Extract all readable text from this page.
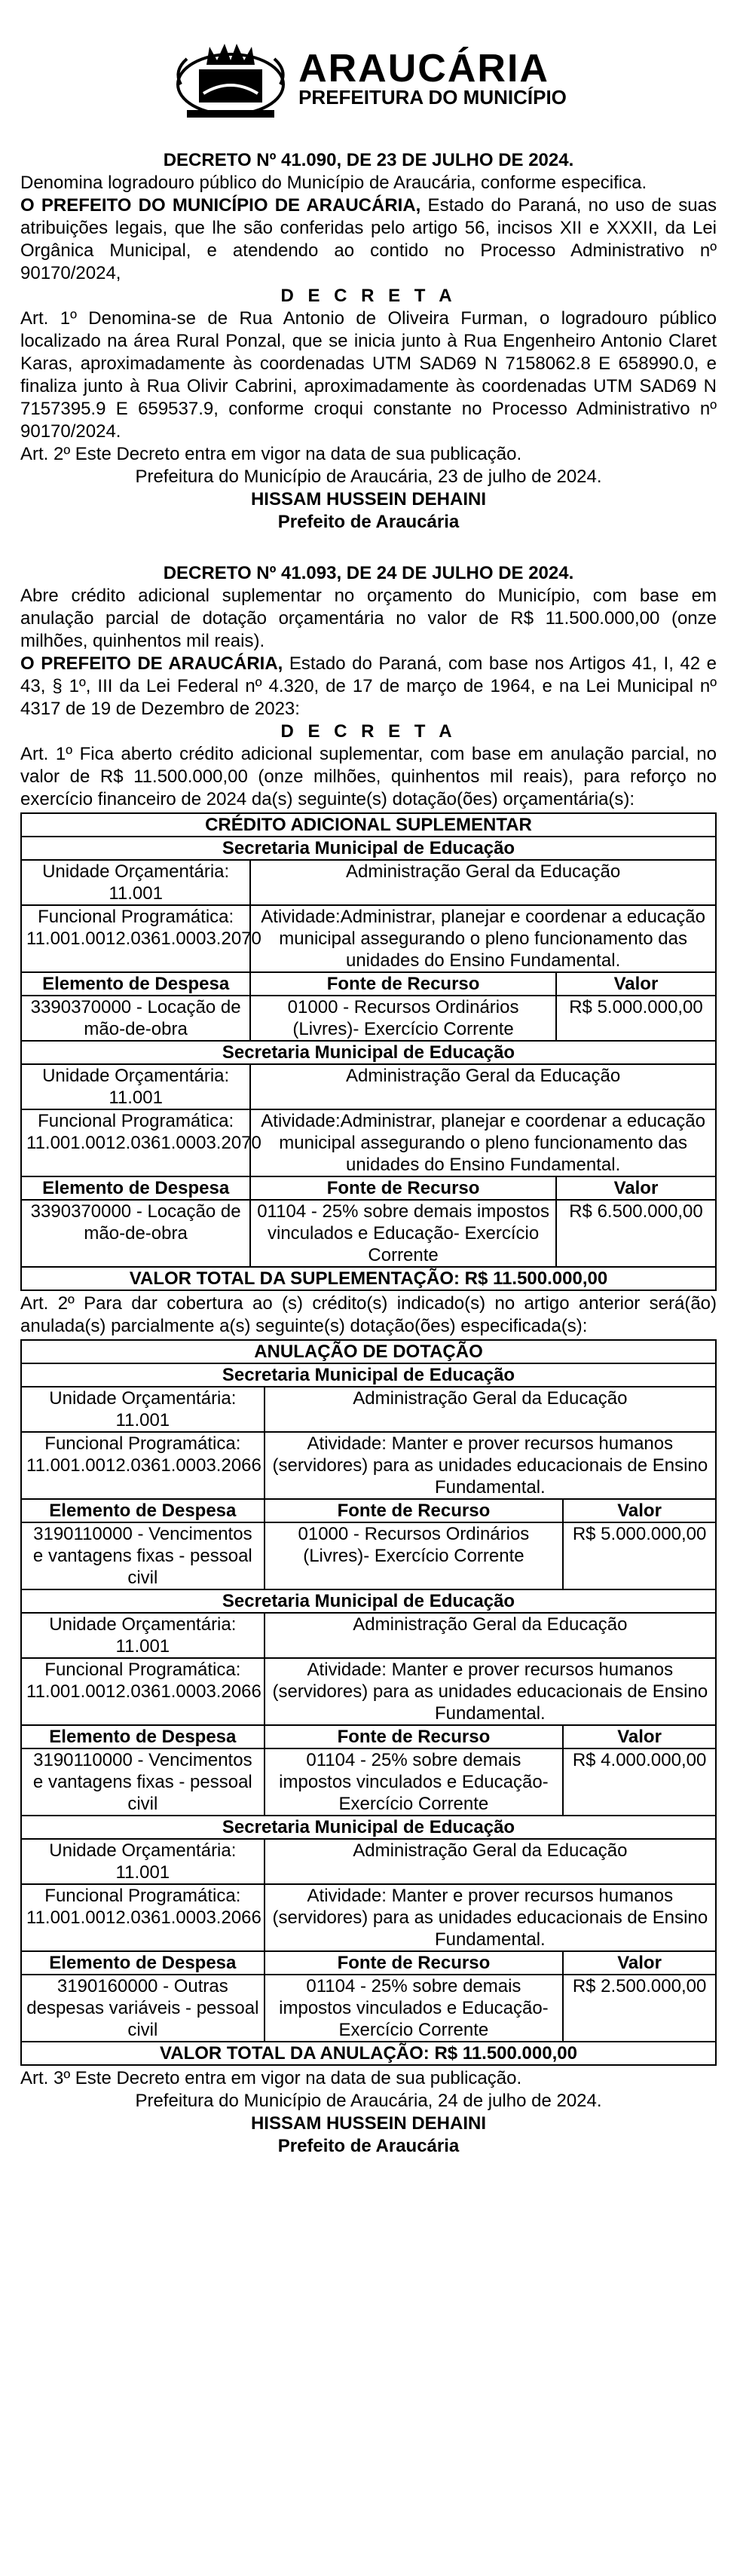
ARAUCÁRIA
PREFEITURA DO MUNICÍPIO
DECRETO Nº 41.090, DE 23 DE JULHO DE 2024.

Denomina logradouro público do Município de Araucária, conforme especifica.

O PREFEITO DO MUNICÍPIO DE ARAUCÁRIA, Estado do Paraná, no uso de suas atribuições legais, que lhe são conferidas pelo artigo 56, incisos XII e XXXII, da Lei Orgânica Municipal, e atendendo ao contido no Processo Administrativo nº 90170/2024,

D E C R E T A

Art. 1º Denomina-se de Rua Antonio de Oliveira Furman, o logradouro público localizado na área Rural Ponzal, que se inicia junto à Rua Engenheiro Antonio Claret Karas, aproximadamente às coordenadas UTM SAD69 N 7158062.8 E 658990.0, e finaliza junto à Rua Olivir Cabrini, aproximadamente às coordenadas UTM SAD69 N 7157395.9 E 659537.9, conforme croqui constante no Processo Administrativo nº 90170/2024.

Art. 2º Este Decreto entra em vigor na data de sua publicação.

Prefeitura do Município de Araucária, 23 de julho de 2024.

HISSAM HUSSEIN DEHAINI

Prefeito de Araucária

DECRETO Nº 41.093, DE 24 DE JULHO DE 2024.

Abre crédito adicional suplementar no orçamento do Município, com base em anulação parcial de dotação orçamentária no valor de R$ 11.500.000,00 (onze milhões, quinhentos mil reais).

O PREFEITO DE ARAUCÁRIA, Estado do Paraná, com base nos Artigos 41, I, 42 e 43, § 1º, III da Lei Federal nº 4.320, de 17 de março de 1964, e na Lei Municipal nº 4317 de 19 de Dezembro de 2023:

D E C R E T A

Art. 1º Fica aberto crédito adicional suplementar, com base em anulação parcial, no valor de R$ 11.500.000,00 (onze milhões, quinhentos mil reais), para reforço no exercício financeiro de 2024 da(s) seguinte(s) dotação(ões) orçamentária(s):

CRÉDITO ADICIONAL SUPLEMENTAR		
Secretaria Municipal de Educação		
Unidade Orçamentária: 11.001	Administração Geral da Educação	
Funcional Programática: 11.001.0012.0361.0003.2070	Atividade:Administrar, planejar e coordenar a educação municipal assegurando o pleno funcionamento das unidades do Ensino Fundamental.	
Elemento de Despesa	Fonte de Recurso	Valor
3390370000 - Locação de mão-de-obra	01000 - Recursos Ordinários (Livres)- Exercício Corrente	R$ 5.000.000,00
Secretaria Municipal de Educação		
Unidade Orçamentária: 11.001	Administração Geral da Educação	
Funcional Programática: 11.001.0012.0361.0003.2070	Atividade:Administrar, planejar e coordenar a educação municipal assegurando o pleno funcionamento das unidades do Ensino Fundamental.	
Elemento de Despesa	Fonte de Recurso	Valor
3390370000 - Locação de mão-de-obra	01104 - 25% sobre demais impostos vinculados e Educação- Exercício Corrente	R$ 6.500.000,00
VALOR TOTAL DA SUPLEMENTAÇÃO: R$ 11.500.000,00		

Art. 2º Para dar cobertura ao (s) crédito(s) indicado(s) no artigo anterior será(ão) anulada(s) parcialmente a(s) seguinte(s) dotação(ões) especificada(s):

ANULAÇÃO DE DOTAÇÃO		
Secretaria Municipal de Educação		
Unidade Orçamentária: 11.001	Administração Geral da Educação	
Funcional Programática: 11.001.0012.0361.0003.2066	Atividade: Manter e prover recursos humanos (servidores) para as unidades educacionais de Ensino Fundamental.	
Elemento de Despesa	Fonte de Recurso	Valor
3190110000 - Vencimentos e vantagens fixas - pessoal civil	01000 - Recursos Ordinários (Livres)- Exercício Corrente	R$ 5.000.000,00
Secretaria Municipal de Educação		
Unidade Orçamentária: 11.001	Administração Geral da Educação	
Funcional Programática: 11.001.0012.0361.0003.2066	Atividade: Manter e prover recursos humanos (servidores) para as unidades educacionais de Ensino Fundamental.	
Elemento de Despesa	Fonte de Recurso	Valor
3190110000 - Vencimentos e vantagens fixas - pessoal civil	01104 - 25% sobre demais impostos vinculados e Educação- Exercício Corrente	R$ 4.000.000,00
Secretaria Municipal de Educação		
Unidade Orçamentária: 11.001	Administração Geral da Educação	
Funcional Programática: 11.001.0012.0361.0003.2066	Atividade: Manter e prover recursos humanos (servidores) para as unidades educacionais de Ensino Fundamental.	
Elemento de Despesa	Fonte de Recurso	Valor
3190160000 - Outras despesas variáveis - pessoal civil	01104 - 25% sobre demais impostos vinculados e Educação- Exercício Corrente	R$ 2.500.000,00
VALOR TOTAL DA ANULAÇÃO: R$ 11.500.000,00		

Art. 3º Este Decreto entra em vigor na data de sua publicação.

Prefeitura do Município de Araucária, 24 de julho de 2024.

HISSAM HUSSEIN DEHAINI

Prefeito de Araucária
